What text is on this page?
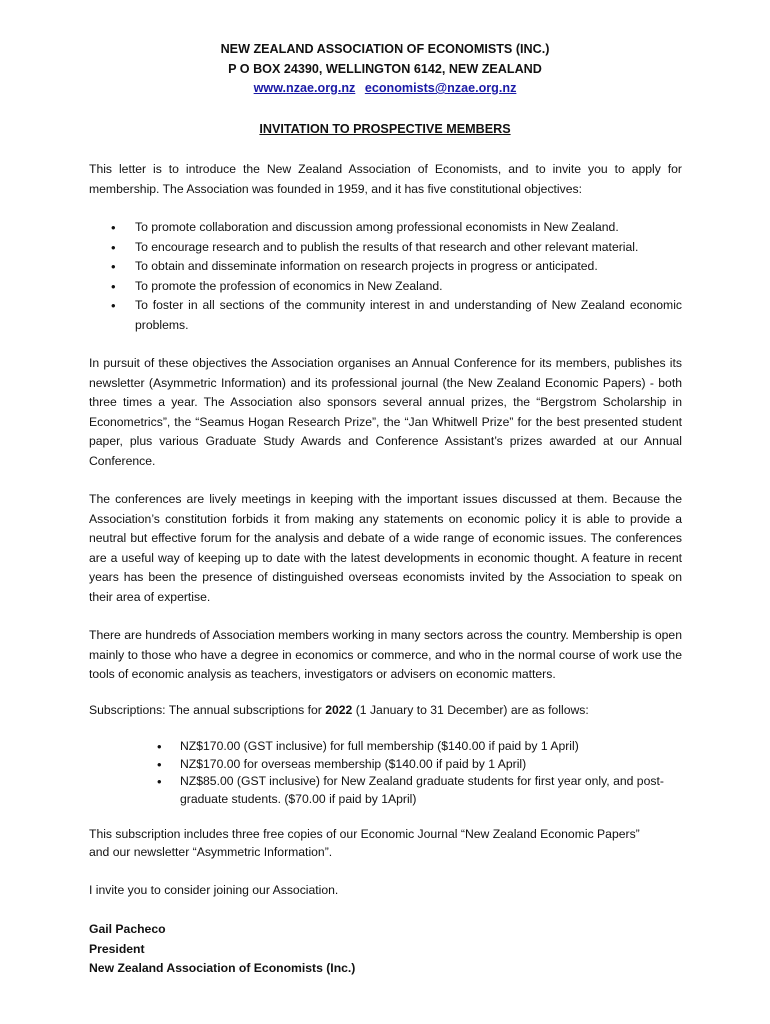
NEW ZEALAND ASSOCIATION OF ECONOMISTS (INC.)
P O BOX 24390, WELLINGTON 6142, NEW ZEALAND
www.nzae.org.nz economists@nzae.org.nz
INVITATION TO PROSPECTIVE MEMBERS

This letter is to introduce the New Zealand Association of Economists, and to invite you to apply for membership. The Association was founded in 1959, and it has five constitutional objectives:

• To promote collaboration and discussion among professional economists in New Zealand.
• To encourage research and to publish the results of that research and other relevant material.
• To obtain and disseminate information on research projects in progress or anticipated.
• To promote the profession of economics in New Zealand.
• To foster in all sections of the community interest in and understanding of New Zealand economic problems.

In pursuit of these objectives the Association organises an Annual Conference for its members, publishes its newsletter (Asymmetric Information) and its professional journal (the New Zealand Economic Papers) - both three times a year. The Association also sponsors several annual prizes, the “Bergstrom Scholarship in Econometrics”, the “Seamus Hogan Research Prize”, the “Jan Whitwell Prize” for the best presented student paper, plus various Graduate Study Awards and Conference Assistant’s prizes awarded at our Annual Conference.

The conferences are lively meetings in keeping with the important issues discussed at them. Because the Association’s constitution forbids it from making any statements on economic policy it is able to provide a neutral but effective forum for the analysis and debate of a wide range of economic issues. The conferences are a useful way of keeping up to date with the latest developments in economic thought. A feature in recent years has been the presence of distinguished overseas economists invited by the Association to speak on their area of expertise.

There are hundreds of Association members working in many sectors across the country. Membership is open mainly to those who have a degree in economics or commerce, and who in the normal course of work use the tools of economic analysis as teachers, investigators or advisers on economic matters.

Subscriptions: The annual subscriptions for 2022 (1 January to 31 December) are as follows:

• NZ$170.00 (GST inclusive) for full membership ($140.00 if paid by 1 April)
• NZ$170.00 for overseas membership ($140.00 if paid by 1 April)
• NZ$85.00 (GST inclusive) for New Zealand graduate students for first year only, and post-graduate students. ($70.00 if paid by 1April)
This subscription includes three free copies of our Economic Journal “New Zealand Economic Papers”
and our newsletter “Asymmetric Information”.

I invite you to consider joining our Association.

Gail Pacheco
President
New Zealand Association of Economists (Inc.)
